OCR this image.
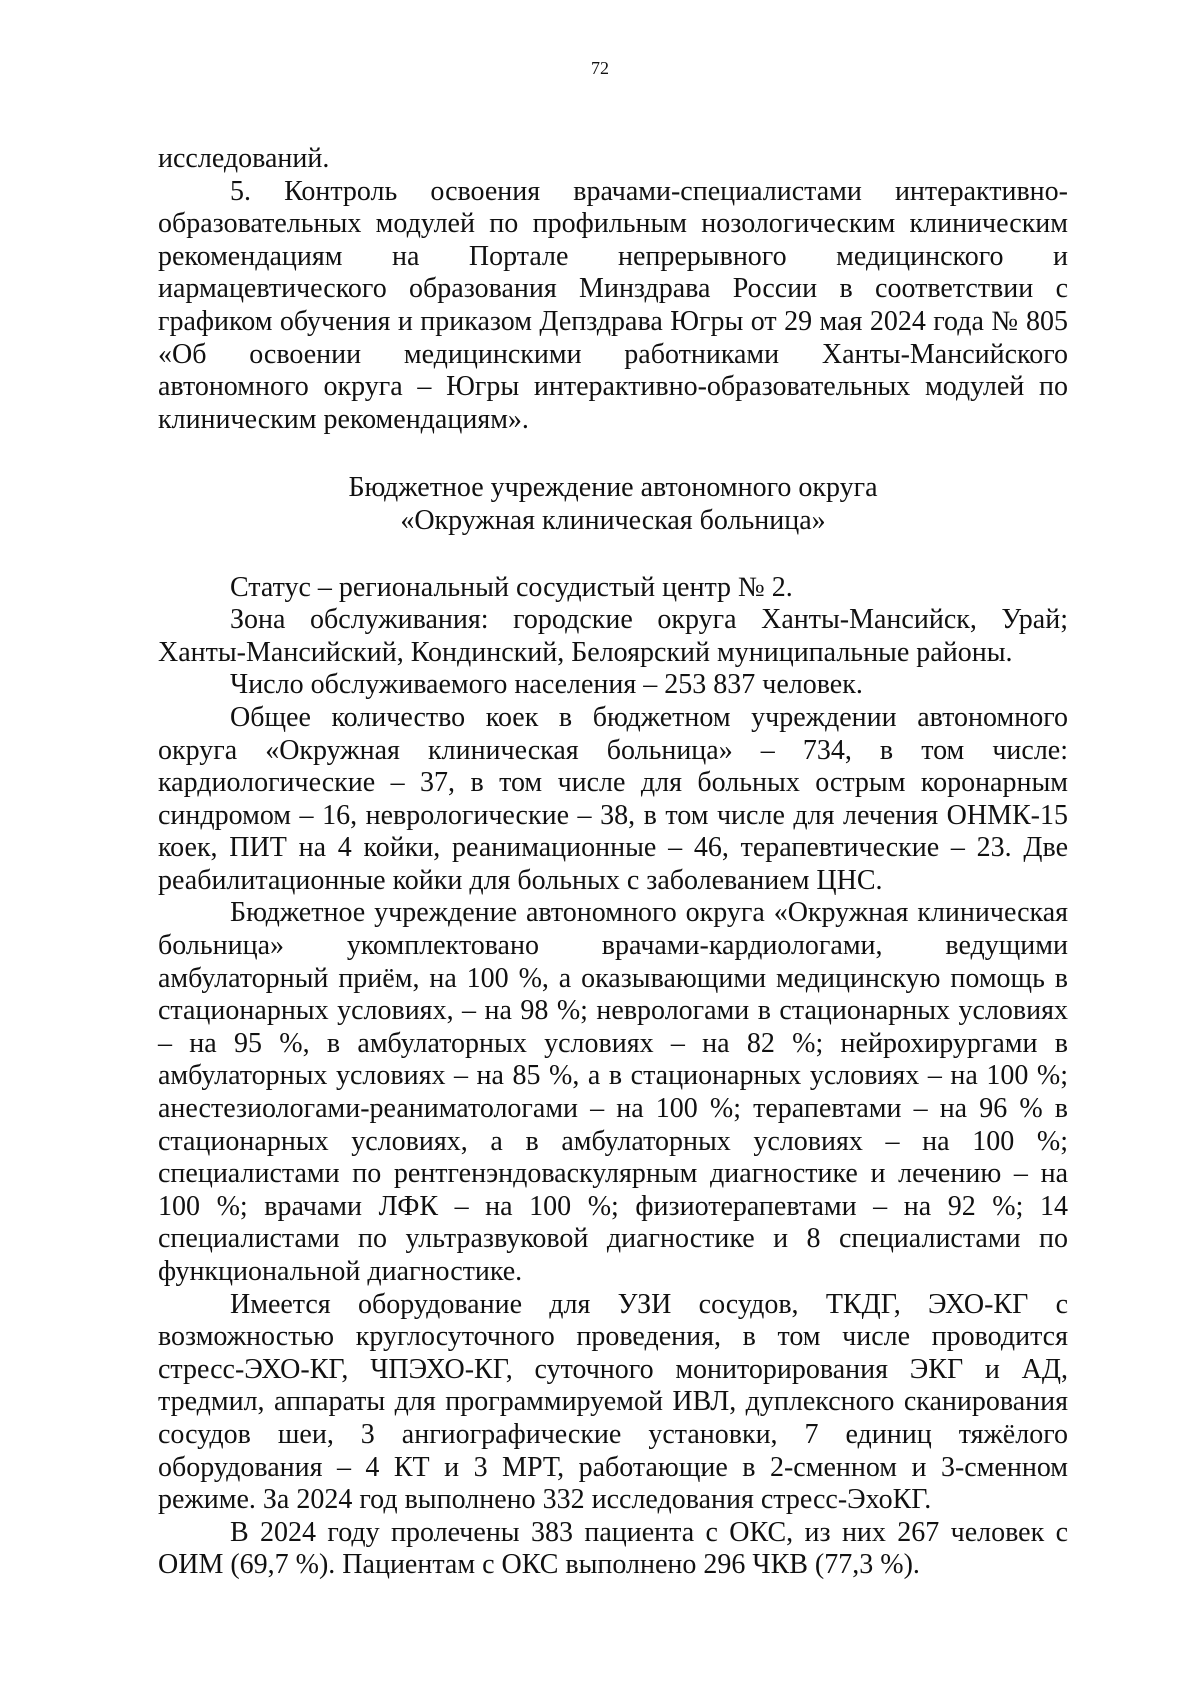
72

исследований.

5. Контроль освоения врачами-специалистами интерактивно-образовательных модулей по профильным нозологическим клиническим рекомендациям на Портале непрерывного медицинского и иармацевтического образования Минздрава России в соответствии с графиком обучения и приказом Депздрава Югры от 29 мая 2024 года № 805 «Об освоении медицинскими работниками Ханты-Мансийского автономного округа – Югры интерактивно-образовательных модулей по клиническим рекомендациям».

Бюджетное учреждение автономного округа

«Окружная клиническая больница»

Статус – региональный сосудистый центр № 2.

Зона обслуживания: городские округа Ханты-Мансийск, Урай; Ханты-Мансийский, Кондинский, Белоярский муниципальные районы.

Число обслуживаемого населения – 253 837 человек.

Общее количество коек в бюджетном учреждении автономного округа «Окружная клиническая больница» – 734, в том числе: кардиологические – 37, в том числе для больных острым коронарным синдромом – 16, неврологические – 38, в том числе для лечения ОНМК-15 коек, ПИТ на 4 койки, реанимационные – 46, терапевтические – 23. Две реабилитационные койки для больных с заболеванием ЦНС.

Бюджетное учреждение автономного округа «Окружная клиническая больница» укомплектовано врачами-кардиологами, ведущими амбулаторный приём, на 100 %, а оказывающими медицинскую помощь в стационарных условиях, – на 98 %; неврологами в стационарных условиях – на 95 %, в амбулаторных условиях – на 82 %; нейрохирургами в амбулаторных условиях – на 85 %, а в стационарных условиях – на 100 %; анестезиологами-реаниматологами – на 100 %; терапевтами – на 96 % в стационарных условиях, а в амбулаторных условиях – на 100 %; специалистами по рентгенэндоваскулярным диагностике и лечению – на 100 %; врачами ЛФК – на 100 %; физиотерапевтами – на 92 %; 14 специалистами по ультразвуковой диагностике и 8 специалистами по функциональной диагностике.

Имеется оборудование для УЗИ сосудов, ТКДГ, ЭХО-КГ с возможностью круглосуточного проведения, в том числе проводится стресс-ЭХО-КГ, ЧПЭХО-КГ, суточного мониторирования ЭКГ и АД, тредмил, аппараты для программируемой ИВЛ, дуплексного сканирования сосудов шеи, 3 ангиографические установки, 7 единиц тяжёлого оборудования – 4 КТ и 3 МРТ, работающие в 2-сменном и 3-сменном режиме. За 2024 год выполнено 332 исследования стресс-ЭхоКГ.

В 2024 году пролечены 383 пациента с ОКС, из них 267 человек с ОИМ (69,7 %). Пациентам с ОКС выполнено 296 ЧКВ (77,3 %).
